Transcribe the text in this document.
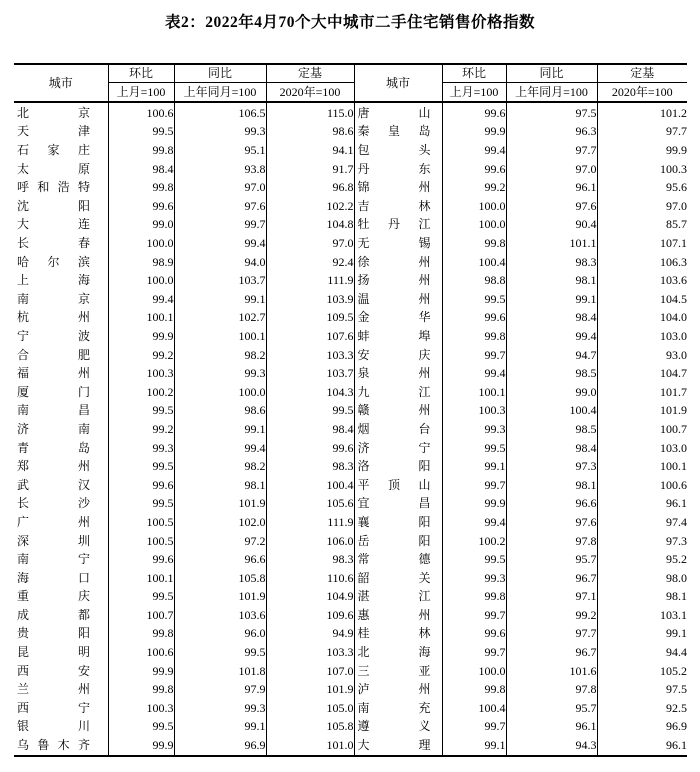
表2：2022年4月70个大中城市二手住宅销售价格指数
城市	环比	同比	定基	城市	环比	同比	定基
	上月=100	上年同月=100	2020年=100		上月=100	上年同月=100	2020年=100

北京	100.6	106.5	115.0	唐山	99.6	97.5	101.2

天津	99.5	99.3	98.6	秦皇岛	99.9	96.3	97.7

石家庄	99.8	95.1	94.1	包头	99.4	97.7	99.9

太原	98.4	93.8	91.7	丹东	99.6	97.0	100.3

呼和浩特	99.8	97.0	96.8	锦州	99.2	96.1	95.6

沈阳	99.6	97.6	102.2	吉林	100.0	97.6	97.0

大连	99.0	99.7	104.8	牡丹江	100.0	90.4	85.7

长春	100.0	99.4	97.0	无锡	99.8	101.1	107.1

哈尔滨	98.9	94.0	92.4	徐州	100.4	98.3	106.3

上海	100.0	103.7	111.9	扬州	98.8	98.1	103.6

南京	99.4	99.1	103.9	温州	99.5	99.1	104.5

杭州	100.1	102.7	109.5	金华	99.6	98.4	104.0

宁波	99.9	100.1	107.6	蚌埠	99.8	99.4	103.0

合肥	99.2	98.2	103.3	安庆	99.7	94.7	93.0

福州	100.3	99.3	103.7	泉州	99.4	98.5	104.7

厦门	100.2	100.0	104.3	九江	100.1	99.0	101.7

南昌	99.5	98.6	99.5	赣州	100.3	100.4	101.9

济南	99.2	99.1	98.4	烟台	99.3	98.5	100.7

青岛	99.3	99.4	99.6	济宁	99.5	98.4	103.0

郑州	99.5	98.2	98.3	洛阳	99.1	97.3	100.1

武汉	99.6	98.1	100.4	平顶山	99.7	98.1	100.6

长沙	99.5	101.9	105.6	宜昌	99.9	96.6	96.1

广州	100.5	102.0	111.9	襄阳	99.4	97.6	97.4

深圳	100.5	97.2	106.0	岳阳	100.2	97.8	97.3

南宁	99.6	96.6	98.3	常德	99.5	95.7	95.2

海口	100.1	105.8	110.6	韶关	99.3	96.7	98.0

重庆	99.5	101.9	104.9	湛江	99.8	97.1	98.1

成都	100.7	103.6	109.6	惠州	99.7	99.2	103.1

贵阳	99.8	96.0	94.9	桂林	99.6	97.7	99.1

昆明	100.6	99.5	103.3	北海	99.7	96.7	94.4

西安	99.9	101.8	107.0	三亚	100.0	101.6	105.2

兰州	99.8	97.9	101.9	泸州	99.8	97.8	97.5

西宁	100.3	99.3	105.0	南充	100.4	95.7	92.5

银川	99.5	99.1	105.8	遵义	99.7	96.1	96.9

乌鲁木齐	99.9	96.9	101.0	大理	99.1	94.3	96.1
